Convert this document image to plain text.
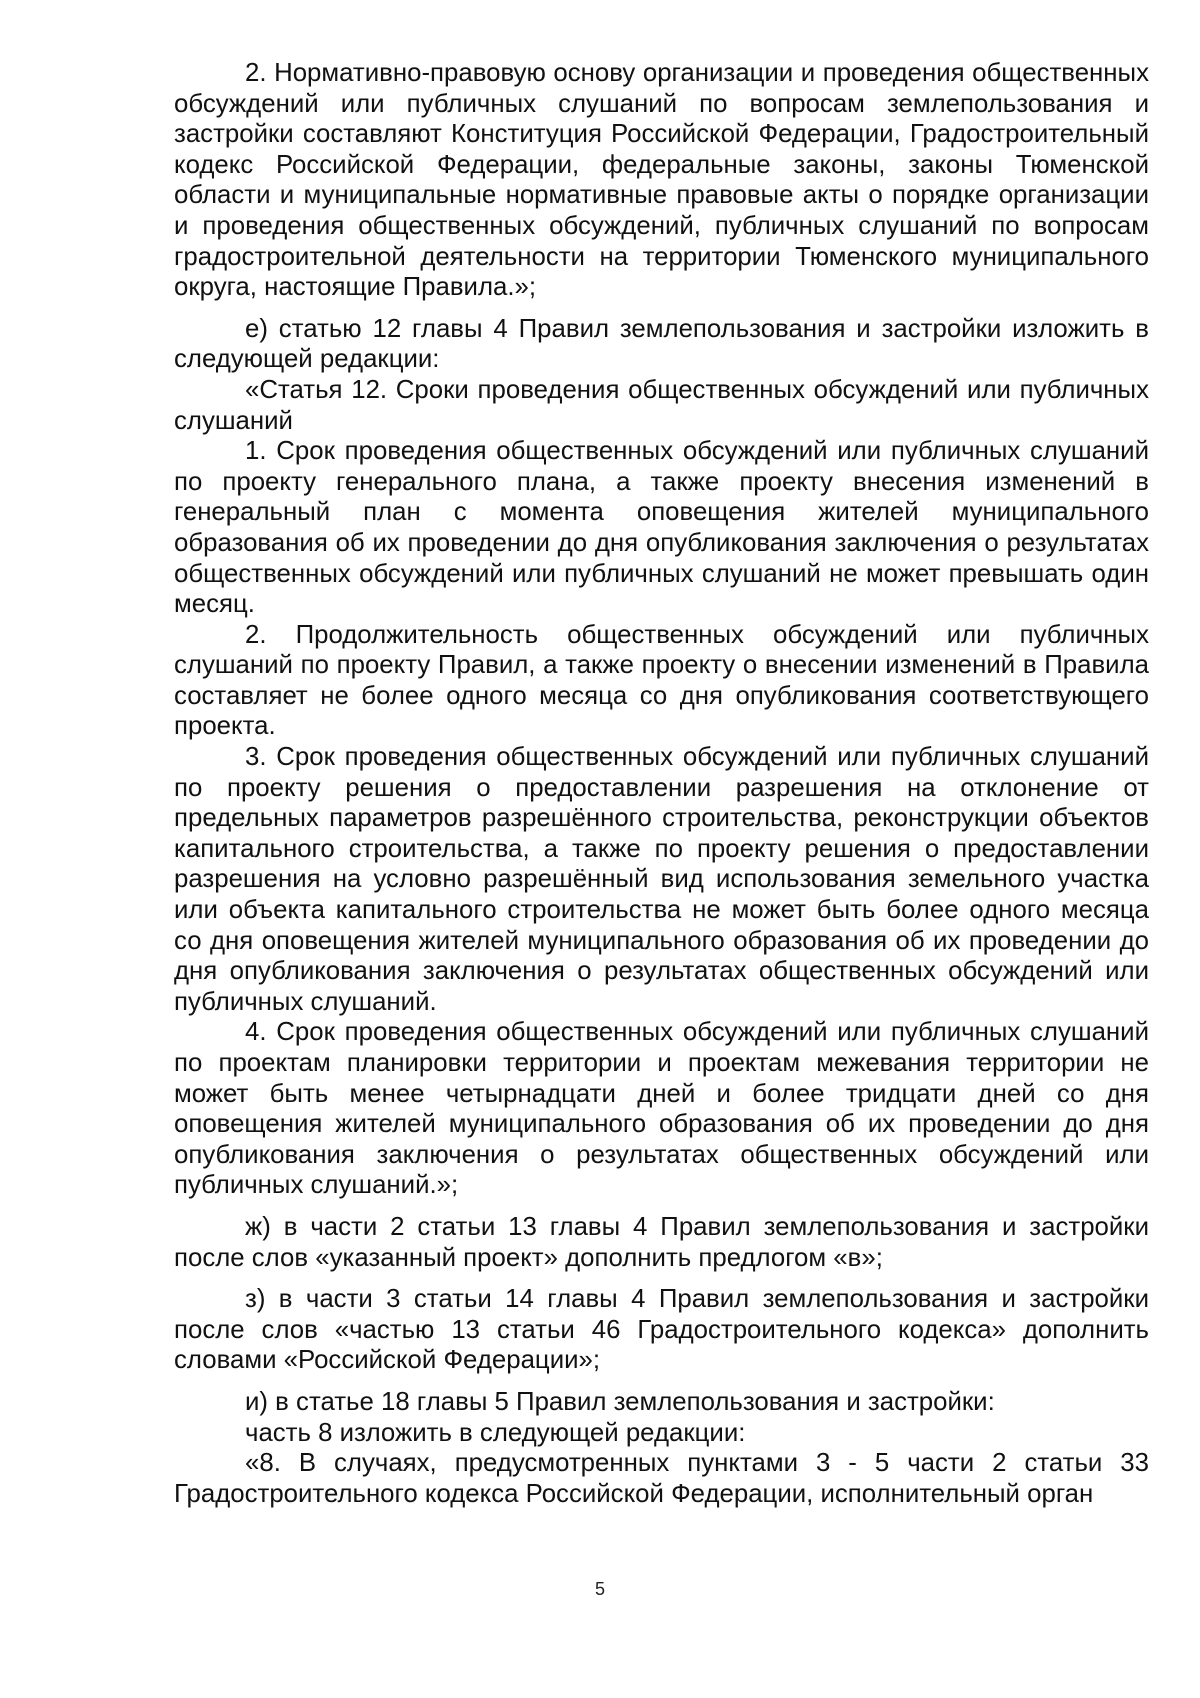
2. Нормативно-правовую основу организации и проведения общественных обсуждений или публичных слушаний по вопросам землепользования и застройки составляют Конституция Российской Федерации, Градостроительный кодекс Российской Федерации, федеральные законы, законы Тюменской области и муниципальные нормативные правовые акты о порядке организации и проведения общественных обсуждений, публичных слушаний по вопросам градостроительной деятельности на территории Тюменского муниципального округа, настоящие Правила.»;

е) статью 12 главы 4 Правил землепользования и застройки изложить в следующей редакции:

«Статья 12. Сроки проведения общественных обсуждений или публичных слушаний

1. Срок проведения общественных обсуждений или публичных слушаний по проекту генерального плана, а также проекту внесения изменений в генеральный план с момента оповещения жителей муниципального образования об их проведении до дня опубликования заключения о результатах общественных обсуждений или публичных слушаний не может превышать один месяц.

2. Продолжительность общественных обсуждений или публичных слушаний по проекту Правил, а также проекту о внесении изменений в Правила составляет не более одного месяца со дня опубликования соответствующего проекта.

3. Срок проведения общественных обсуждений или публичных слушаний по проекту решения о предоставлении разрешения на отклонение от предельных параметров разрешённого строительства, реконструкции объектов капитального строительства, а также по проекту решения о предоставлении разрешения на условно разрешённый вид использования земельного участка или объекта капитального строительства не может быть более одного месяца со дня оповещения жителей муниципального образования об их проведении до дня опубликования заключения о результатах общественных обсуждений или публичных слушаний.

4. Срок проведения общественных обсуждений или публичных слушаний по проектам планировки территории и проектам межевания территории не может быть менее четырнадцати дней и более тридцати дней со дня оповещения жителей муниципального образования об их проведении до дня опубликования заключения о результатах общественных обсуждений или публичных слушаний.»;

ж) в части 2 статьи 13 главы 4 Правил землепользования и застройки после слов «указанный проект» дополнить предлогом «в»;

з) в части 3 статьи 14 главы 4 Правил землепользования и застройки после слов «частью 13 статьи 46 Градостроительного кодекса» дополнить словами «Российской Федерации»;

и) в статье 18 главы 5 Правил землепользования и застройки:

часть 8 изложить в следующей редакции:

«8. В случаях, предусмотренных пунктами 3 - 5 части 2 статьи 33 Градостроительного кодекса Российской Федерации, исполнительный орган

5
